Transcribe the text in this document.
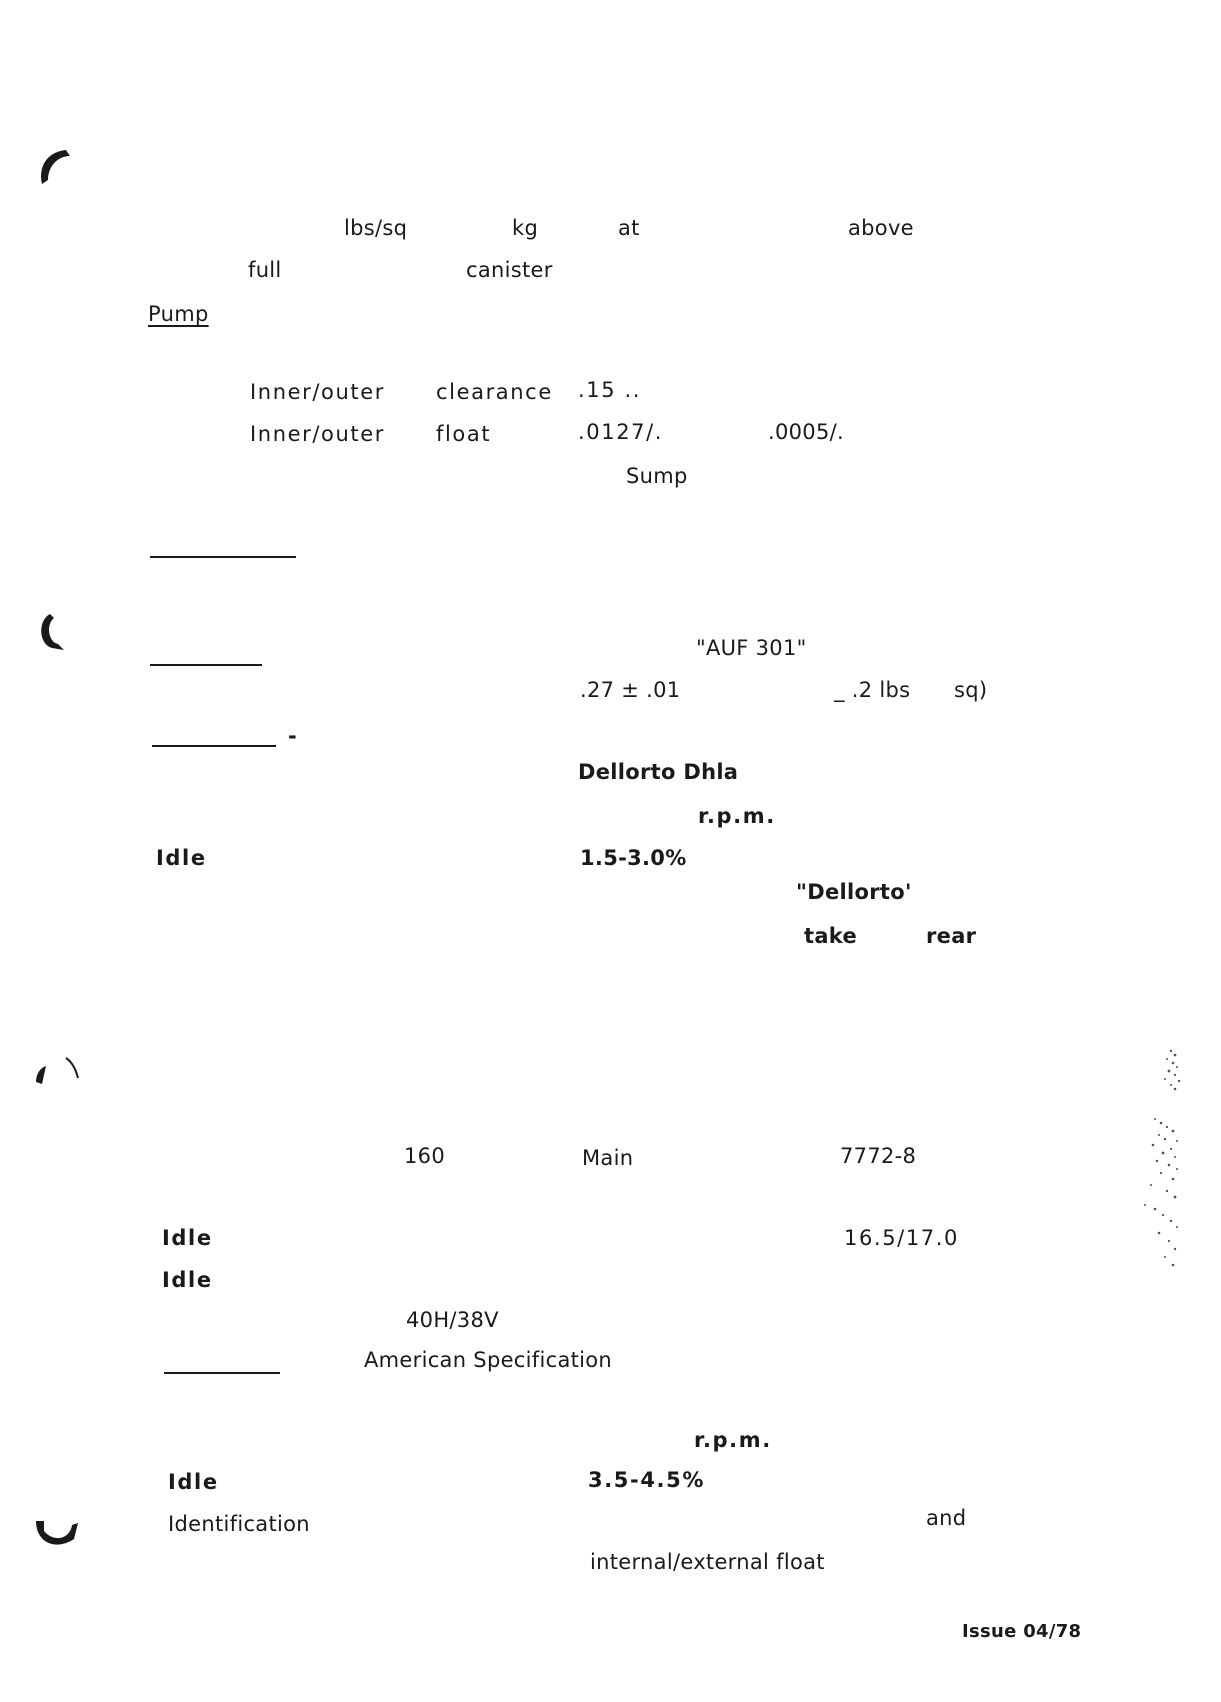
lbs/sq	kg	at	above
full	canister
Pump
Inner/outer clearance .15 ..
Inner/outer float	.0127/.	.0005/.
Sump
"AUF 301"
.27 ± .01	_ .2 lbs sq)
-
Dellorto Dhla
r.p.m.
Idle	1.5-3.0%
"Dellorto'
take	rear
160	Main	7772-8
Idle	16.5/17.0
Idle
40H/38V
American Specification
r.p.m.
Idle	3.5-4.5%
Identification	and
internal/external float
Issue 04/78
